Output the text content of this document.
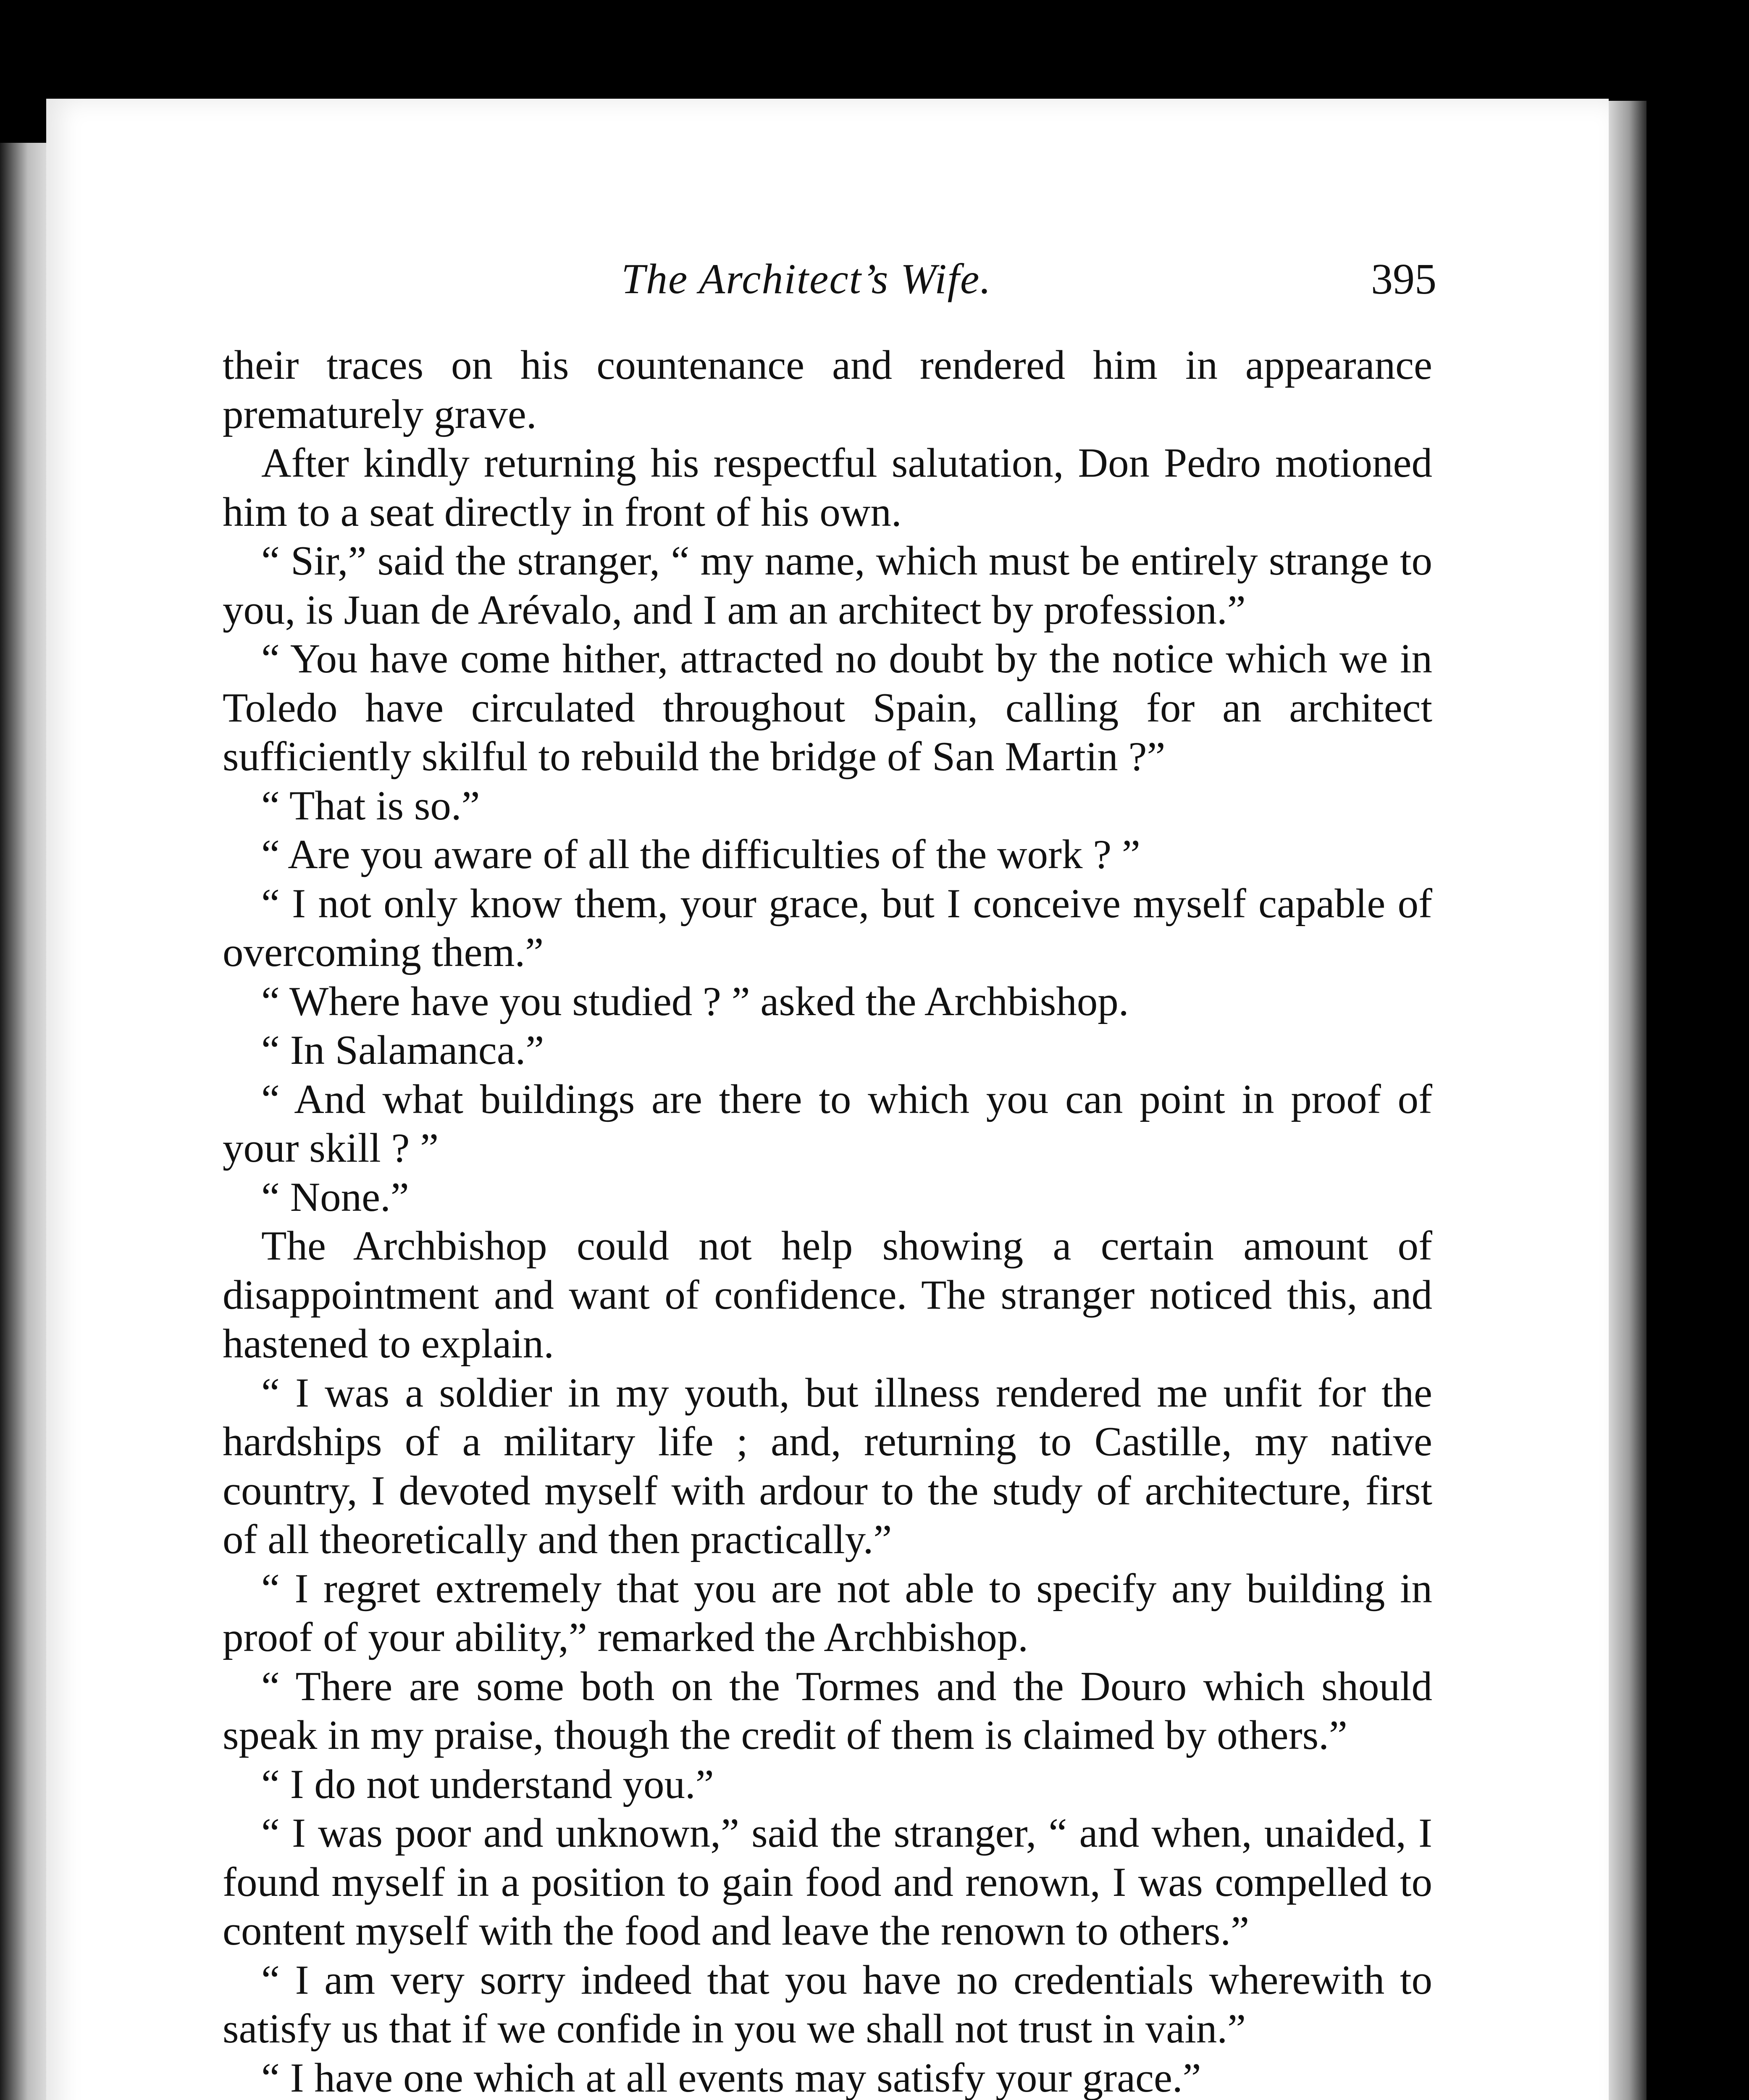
The Architect’s Wife.	395

their traces on his countenance and rendered him in appearance prematurely grave.

After kindly returning his respectful salutation, Don Pedro motioned him to a seat directly in front of his own.

“ Sir,” said the stranger, “ my name, which must be entirely strange to you, is Juan de Arévalo, and I am an architect by profession.”

“ You have come hither, attracted no doubt by the notice which we in Toledo have circulated throughout Spain, calling for an architect sufficiently skilful to rebuild the bridge of San Martin ?”

“ That is so.”

“ Are you aware of all the difficulties of the work ? ”

“ I not only know them, your grace, but I conceive myself capable of overcoming them.”

“ Where have you studied ? ” asked the Archbishop.

“ In Salamanca.”

“ And what buildings are there to which you can point in proof of your skill ? ”

“ None.”

The Archbishop could not help showing a certain amount of disappointment and want of confidence. The stranger noticed this, and hastened to explain.

“ I was a soldier in my youth, but illness rendered me unfit for the hardships of a military life ; and, returning to Castille, my native country, I devoted myself with ardour to the study of architecture, first of all theoretically and then practically.”

“ I regret extremely that you are not able to specify any building in proof of your ability,” remarked the Archbishop.

“ There are some both on the Tormes and the Douro which should speak in my praise, though the credit of them is claimed by others.”

“ I do not understand you.”

“ I was poor and unknown,” said the stranger, “ and when, unaided, I found myself in a position to gain food and renown, I was compelled to content myself with the food and leave the renown to others.”

“ I am very sorry indeed that you have no credentials wherewith to satisfy us that if we confide in you we shall not trust in vain.”

“ I have one which at all events may satisfy your grace.”
